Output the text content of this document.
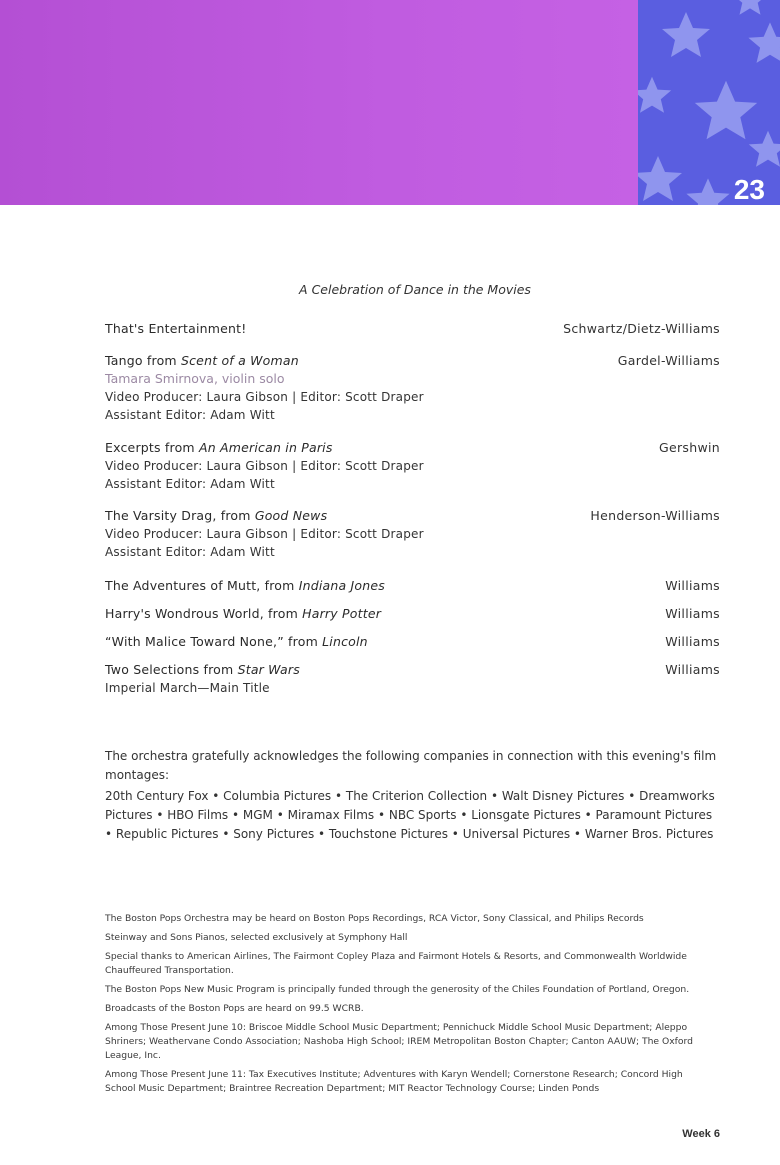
23
A Celebration of Dance in the Movies
That's Entertainment!	Schwartz/Dietz-Williams
Tango from Scent of a Woman	Gardel-Williams
Tamara Smirnova, violin solo
Video Producer: Laura Gibson | Editor: Scott Draper
Assistant Editor: Adam Witt
Excerpts from An American in Paris	Gershwin
Video Producer: Laura Gibson | Editor: Scott Draper
Assistant Editor: Adam Witt
The Varsity Drag, from Good News	Henderson-Williams
Video Producer: Laura Gibson | Editor: Scott Draper
Assistant Editor: Adam Witt
The Adventures of Mutt, from Indiana Jones	Williams
Harry's Wondrous World, from Harry Potter	Williams
“With Malice Toward None,” from Lincoln	Williams
Two Selections from Star Wars	Williams
Imperial March—Main Title
The orchestra gratefully acknowledges the following companies in connection with this evening's film montages:
20th Century Fox • Columbia Pictures • The Criterion Collection • Walt Disney Pictures • Dreamworks Pictures • HBO Films • MGM • Miramax Films • NBC Sports • Lionsgate Pictures • Paramount Pictures • Republic Pictures • Sony Pictures • Touchstone Pictures • Universal Pictures • Warner Bros. Pictures

The Boston Pops Orchestra may be heard on Boston Pops Recordings, RCA Victor, Sony Classical, and Philips Records

Steinway and Sons Pianos, selected exclusively at Symphony Hall

Special thanks to American Airlines, The Fairmont Copley Plaza and Fairmont Hotels & Resorts, and Commonwealth Worldwide Chauffeured Transportation.

The Boston Pops New Music Program is principally funded through the generosity of the Chiles Foundation of Portland, Oregon.

Broadcasts of the Boston Pops are heard on 99.5 WCRB.

Among Those Present June 10: Briscoe Middle School Music Department; Pennichuck Middle School Music Department; Aleppo Shriners; Weathervane Condo Association; Nashoba High School; IREM Metropolitan Boston Chapter; Canton AAUW; The Oxford League, Inc.

Among Those Present June 11: Tax Executives Institute; Adventures with Karyn Wendell; Cornerstone Research; Concord High School Music Department; Braintree Recreation Department; MIT Reactor Technology Course; Linden Ponds

Week 6
